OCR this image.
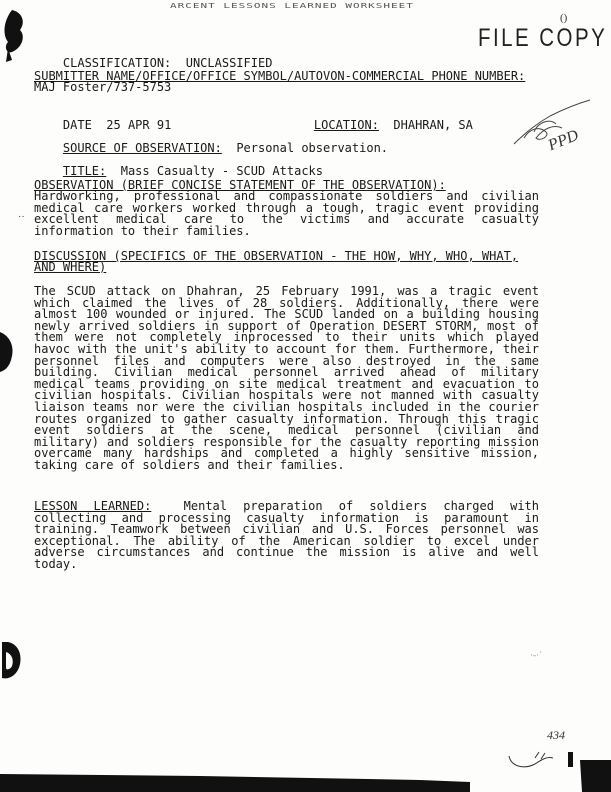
ARCENT LESSONS LEARNED WORKSHEET
FILE COPY
()

CLASSIFICATION: UNCLASSIFIED

SUBMITTER NAME/OFFICE/OFFICE SYMBOL/AUTOVON-COMMERCIAL PHONE NUMBER:
MAJ Foster/737-5753

DATE 25 APR 91
	LOCATION: DHAHRAN, SA

SOURCE OF OBSERVATION: Personal observation.

TITLE: Mass Casualty - SCUD Attacks

PPD
OBSERVATION (BRIEF CONCISE STATEMENT OF THE OBSERVATION):
Hardworking, professional and compassionate soldiers and civilian medical care workers worked through a tough, tragic event providing excellent medical care to the victims and accurate casualty information to their families.
˙˙
DISCUSSION (SPECIFICS OF THE OBSERVATION - THE HOW, WHY, WHO, WHAT,
AND WHERE)
The SCUD attack on Dhahran, 25 February 1991, was a tragic event which claimed the lives of 28 soldiers. Additionally, there were almost 100 wounded or injured. The SCUD landed on a building housing newly arrived soldiers in support of Operation DESERT STORM, most of them were not completely inprocessed to their units which played havoc with the unit's ability to account for them. Furthermore, their personnel files and computers were also destroyed in the same building. Civilian medical personnel arrived ahead of military medical teams providing on site medical treatment and evacuation to civilian hospitals. Civilian hospitals were not manned with casualty liaison teams nor were the civilian hospitals included in the courier routes organized to gather casualty information. Through this tragic event soldiers at the scene, medical personnel (civilian and military) and soldiers responsible for the casualty reporting mission overcame many hardships and completed a highly sensitive mission, taking care of soldiers and their families.
LESSON LEARNED:	Mental preparation of soldiers charged with collecting and processing casualty information is paramount in training. Teamwork between civilian and U.S. Forces personnel was exceptional. The ability of the American soldier to excel under adverse circumstances and continue the mission is alive and well today.
·‐·´
434
